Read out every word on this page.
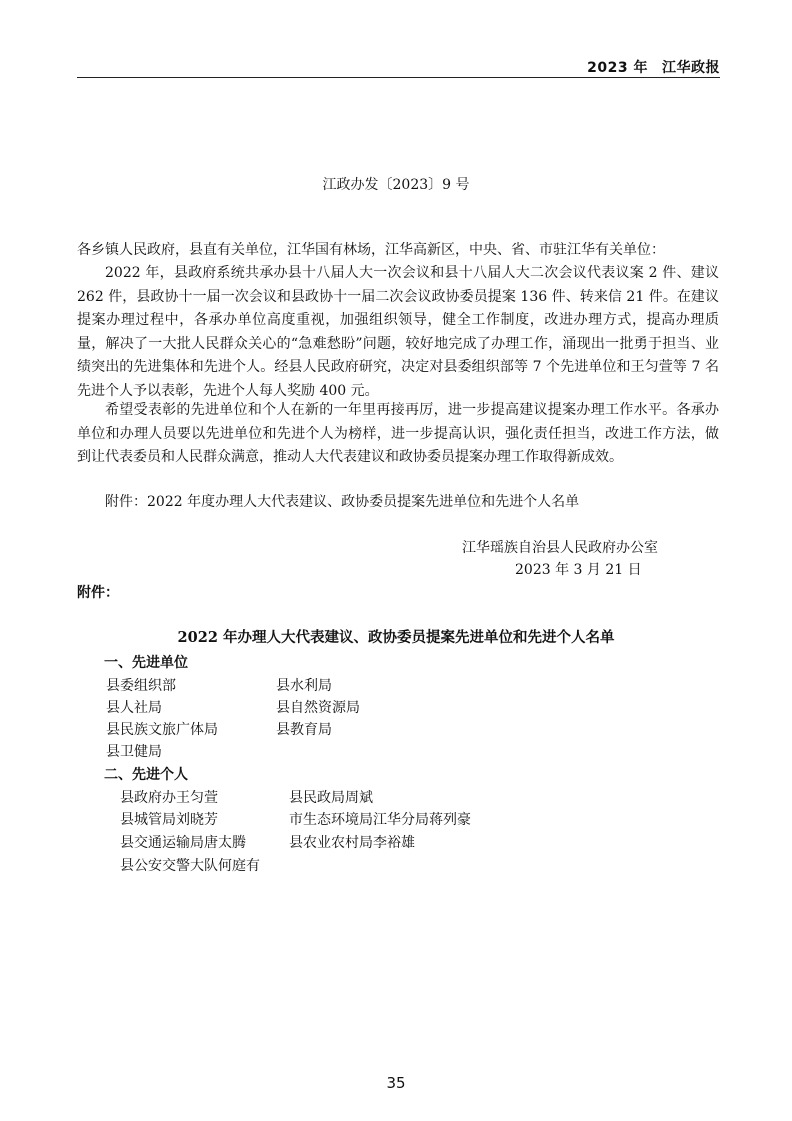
2023 年 江华政报
江政办发〔2023〕9 号
各乡镇人民政府，县直有关单位，江华国有林场，江华高新区，中央、省、市驻江华有关单位：
2022 年，县政府系统共承办县十八届人大一次会议和县十八届人大二次会议代表议案 2 件、建议 262 件，县政协十一届一次会议和县政协十一届二次会议政协委员提案 136 件、转来信 21 件。在建议提案办理过程中，各承办单位高度重视，加强组织领导，健全工作制度，改进办理方式，提高办理质量，解决了一大批人民群众关心的“急难愁盼”问题，较好地完成了办理工作，涌现出一批勇于担当、业绩突出的先进集体和先进个人。经县人民政府研究，决定对县委组织部等 7 个先进单位和王匀萱等 7 名先进个人予以表彰，先进个人每人奖励 400 元。
希望受表彰的先进单位和个人在新的一年里再接再厉，进一步提高建议提案办理工作水平。各承办单位和办理人员要以先进单位和先进个人为榜样，进一步提高认识，强化责任担当，改进工作方法，做到让代表委员和人民群众满意，推动人大代表建议和政协委员提案办理工作取得新成效。
附件：2022 年度办理人大代表建议、政协委员提案先进单位和先进个人名单
江华瑶族自治县人民政府办公室
2023 年 3 月 21 日
附件：
2022 年办理人大代表建议、政协委员提案先进单位和先进个人名单
一、先进单位
县委组织部	县水利局
县人社局	县自然资源局
县民族文旅广体局	县教育局
县卫健局
二、先进个人
县政府办王匀萱	县民政局周斌
县城管局刘晓芳	市生态环境局江华分局蒋列豪
县交通运输局唐太腾	县农业农村局李裕雄
县公安交警大队何庭有
35
